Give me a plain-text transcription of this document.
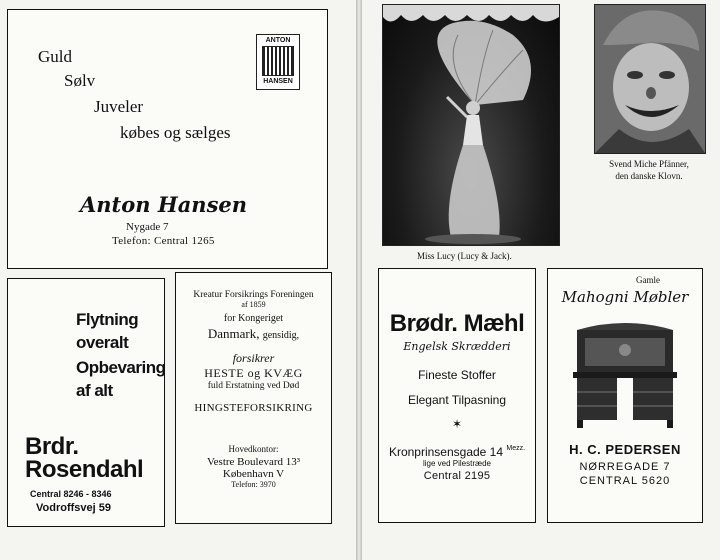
Guld
Sølv
Juveler
købes og sælges
ANTON
HANSEN
Anton Hansen
Nygade 7
Telefon: Central 1265
Flytning
overalt
Opbevaring
af alt
Brdr.
Rosendahl
Central 8246 - 8346
Vodroffsvej 59
Kreatur Forsikrings Foreningen
af 1859
for Kongeriget
Danmark, gensidig,
forsikrer
HESTE og KVÆG
fuld Erstatning ved Død
HINGSTEFORSIKRING
Hovedkontor:
Vestre Boulevard 13³
København V
Telefon: 3970
Miss Lucy (Lucy & Jack).
Svend Miche Pfänner,
den danske Klovn.
Brødr. Mæhl
Engelsk Skrædderi
Fineste Stoffer
Elegant Tilpasning
✶
Kronprinsensgade 14 $^{Mezz.}$
lige ved Pilestræde
Central 2195
Gamle
Mahogni Møbler
H. C. PEDERSEN
NØRREGADE 7
CENTRAL 5620
